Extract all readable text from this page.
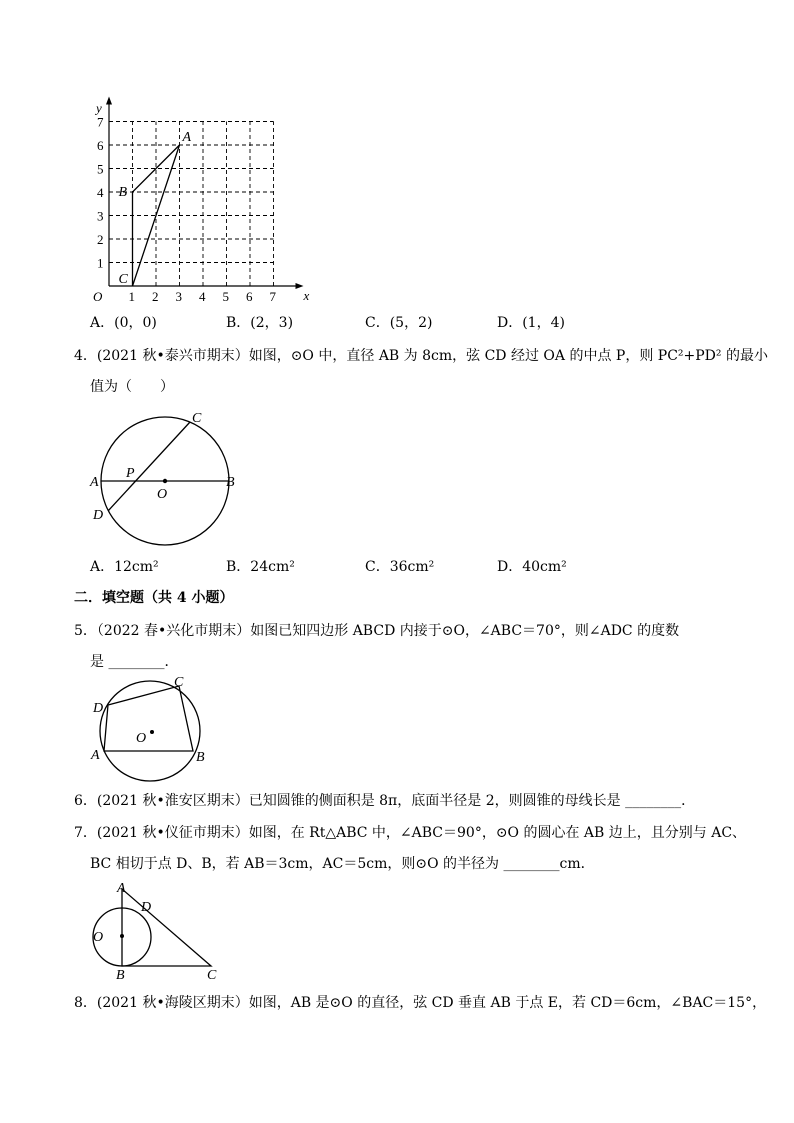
1 2 3 4 5 6 7
1
2
3
4
5
6
7
O	x
y
A
B
C
A．(0，0)	B．(2，3)	C．(5，2)	D．(1，4)
4．(2021 秋•泰兴市期末）如图，⊙O 中，直径 AB 为 8cm，弦 CD 经过 OA 的中点 P，则 PC²+PD² 的最小
值为（　　）
A	B
C
D
O
P
A．12cm²	B．24cm²	C．36cm²	D．40cm²
二．填空题（共 4 小题）
5．（2022 春•兴化市期末）如图已知四边形 ABCD 内接于⊙O，∠ABC＝70°，则∠ADC 的度数
是 ________．
A	B
C
D
O
6．(2021 秋•淮安区期末）已知圆锥的侧面积是 8π，底面半径是 2，则圆锥的母线长是 ________．
7．(2021 秋•仪征市期末）如图，在 Rt△ABC 中，∠ABC＝90°，⊙O 的圆心在 AB 边上，且分别与 AC、
BC 相切于点 D、B，若 AB＝3cm，AC＝5cm，则⊙O 的半径为 ________cm．
A
D
O
B	C
8．(2021 秋•海陵区期末）如图，AB 是⊙O 的直径，弦 CD 垂直 AB 于点 E，若 CD＝6cm，∠BAC＝15°，
